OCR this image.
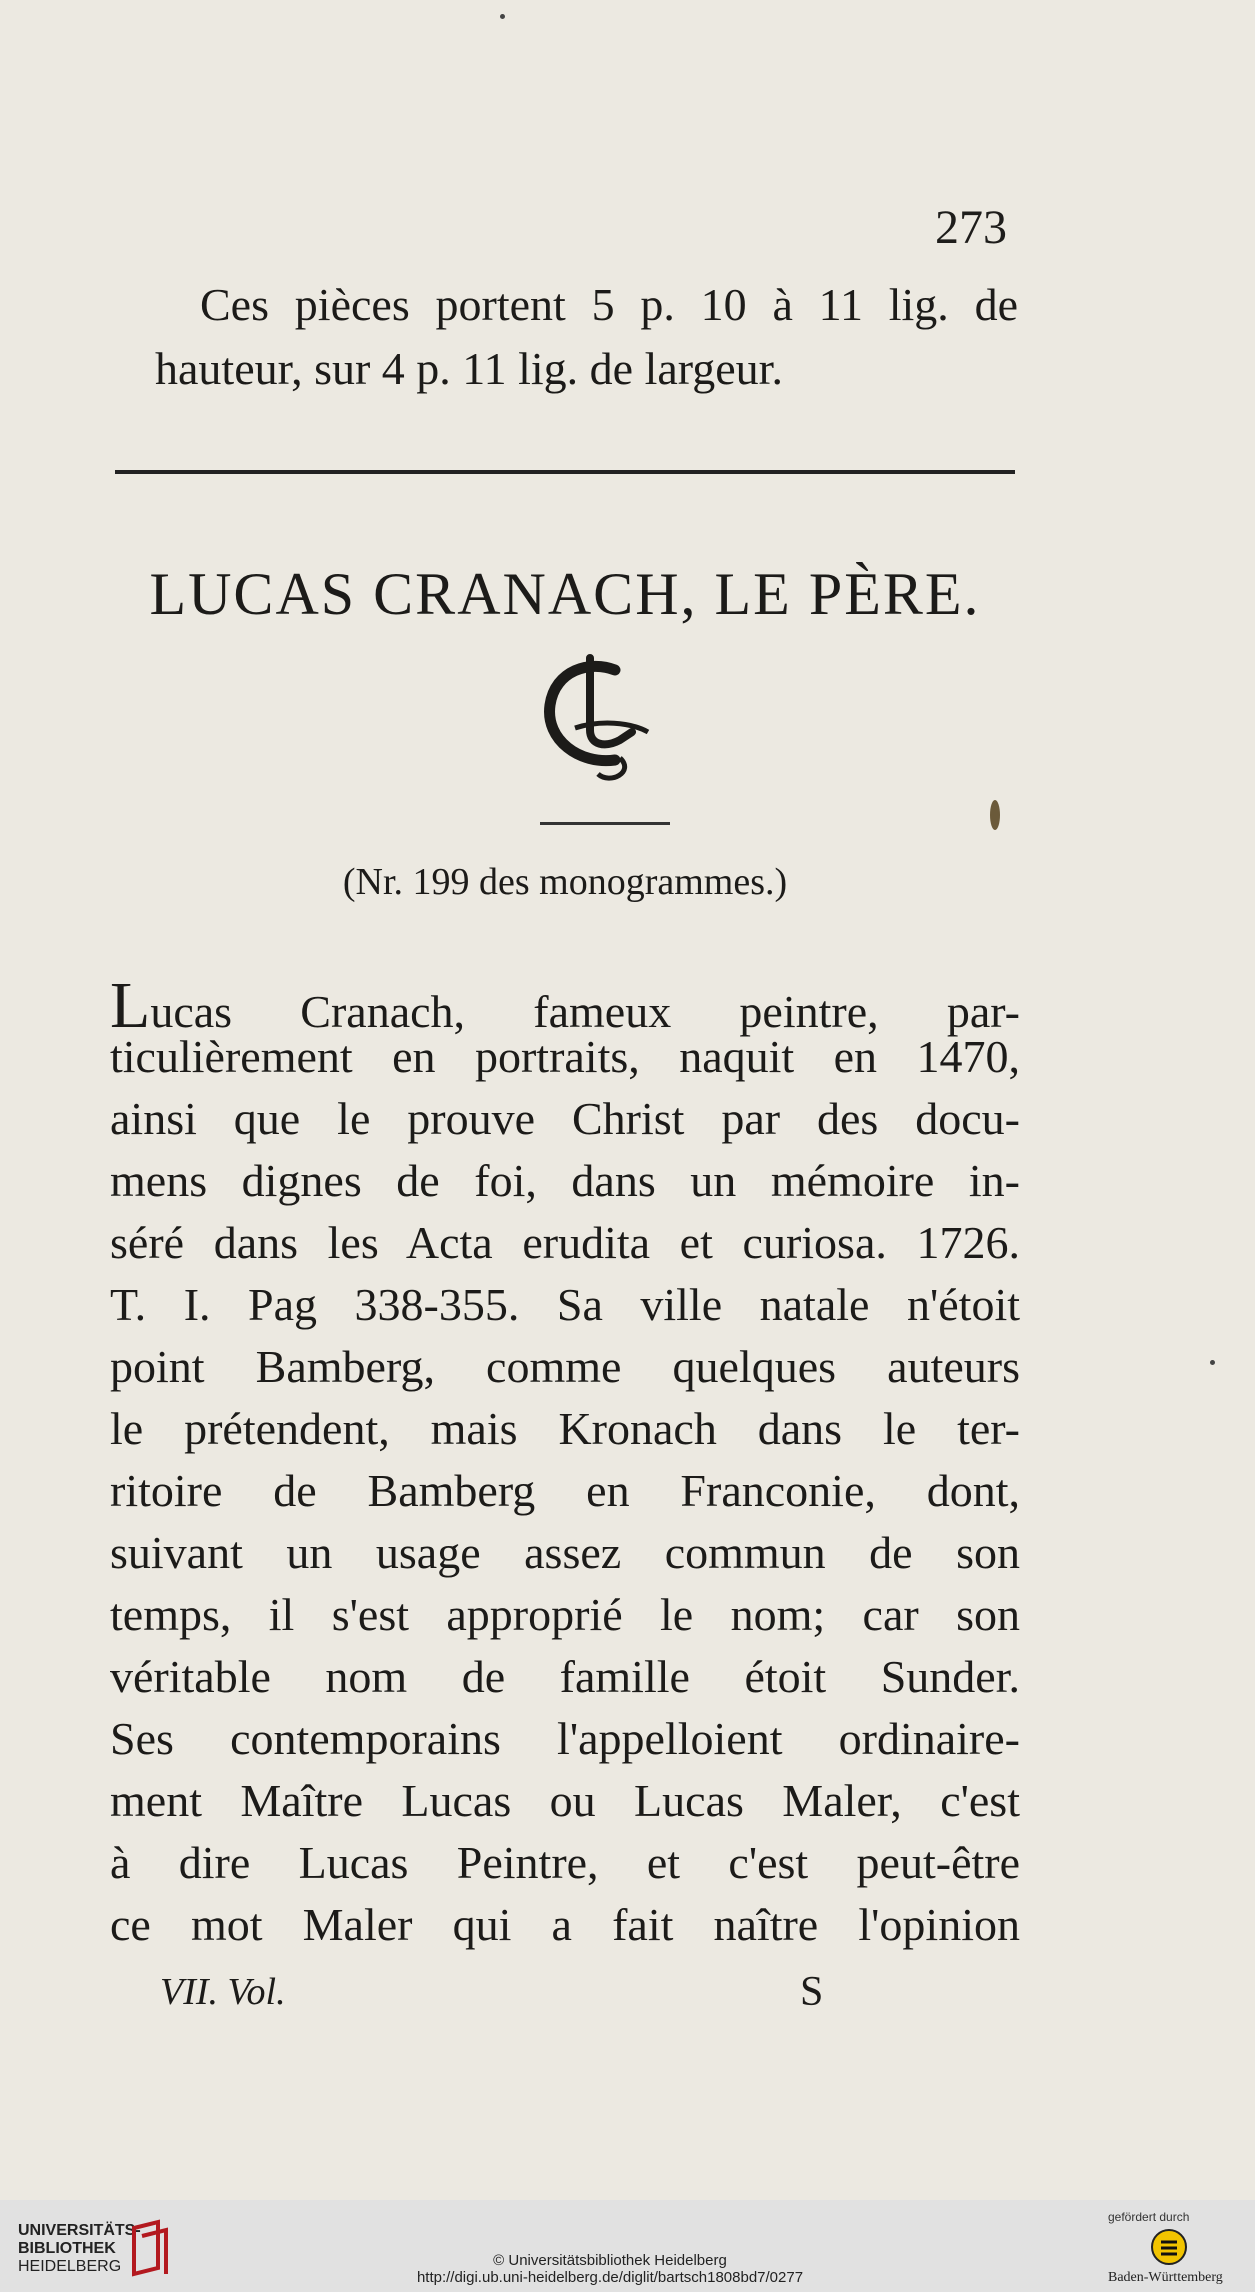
273
Ces pièces portent 5 p. 10 à 11 lig. de
hauteur, sur 4 p. 11 lig. de largeur.
LUCAS CRANACH, LE PÈRE.
(Nr. 199 des monogrammes.)
Lucas Cranach, fameux peintre, par-
ticulièrement en portraits, naquit en 1470,
ainsi que le prouve Christ par des docu-
mens dignes de foi, dans un mémoire in-
séré dans les Acta erudita et curiosa. 1726.
T. I. Pag 338-355. Sa ville natale n'étoit
point Bamberg, comme quelques auteurs
le prétendent, mais Kronach dans le ter-
ritoire de Bamberg en Franconie, dont,
suivant un usage assez commun de son
temps, il s'est approprié le nom; car son
véritable nom de famille étoit Sunder.
Ses contemporains l'appelloient ordinaire-
ment Maître Lucas ou Lucas Maler, c'est
à dire Lucas Peintre, et c'est peut-être
ce mot Maler qui a fait naître l'opinion
VII. Vol.	S
UNIVERSITÄTS-
BIBLIOTHEK
HEIDELBERG	© Universitätsbibliothek Heidelberg
http://digi.ub.uni-heidelberg.de/diglit/bartsch1808bd7/0277
gefördert durch
Baden-Württemberg
